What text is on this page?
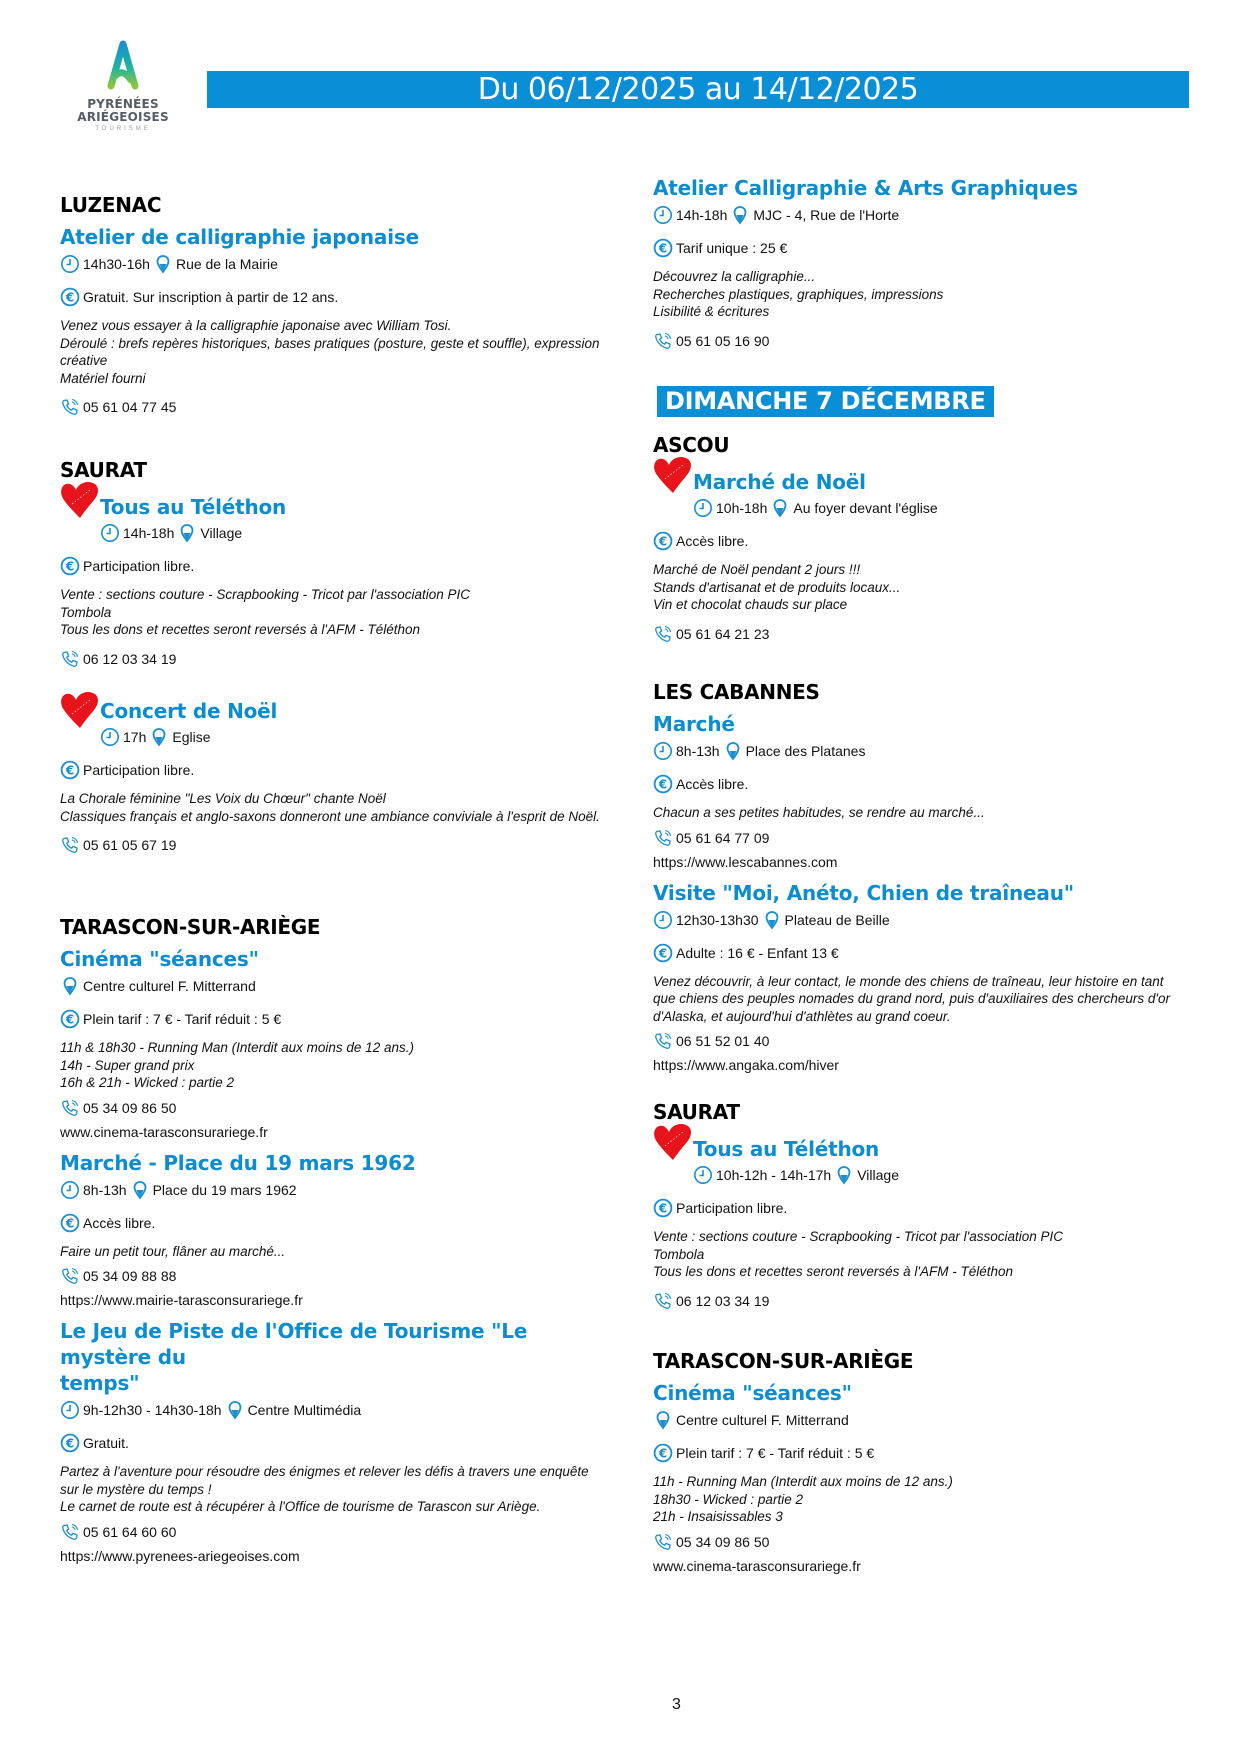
PYRÉNÉES
ARIÉGEOISES
TOURISME
Du 06/12/2025 au 14/12/2025
LUZENAC
Atelier de calligraphie japonaise
14h30-16h Rue de la Mairie
Gratuit. Sur inscription à partir de 12 ans.
Venez vous essayer à la calligraphie japonaise avec William Tosi.
Déroulé : brefs repères historiques, bases pratiques (posture, geste et souffle), expression créative
Matériel fourni
05 61 04 77 45
SAURAT
Tous au Téléthon
14h-18h Village
Participation libre.
Vente : sections couture - Scrapbooking - Tricot par l'association PIC
Tombola
Tous les dons et recettes seront reversés à l'AFM - Téléthon
06 12 03 34 19
Concert de Noël
17h Eglise
Participation libre.
La Chorale féminine "Les Voix du Chœur" chante Noël
Classiques français et anglo-saxons donneront une ambiance conviviale à l'esprit de Noël.
05 61 05 67 19
TARASCON-SUR-ARIÈGE
Cinéma "séances"
Centre culturel F. Mitterrand
Plein tarif : 7 € - Tarif réduit : 5 €
11h & 18h30 - Running Man (Interdit aux moins de 12 ans.)
14h - Super grand prix
16h & 21h - Wicked : partie 2
05 34 09 86 50
www.cinema-tarasconsurariege.fr
Marché - Place du 19 mars 1962
8h-13h Place du 19 mars 1962
Accès libre.
Faire un petit tour, flâner au marché...
05 34 09 88 88
https://www.mairie-tarasconsurariege.fr
Le Jeu de Piste de l'Office de Tourisme "Le mystère du
temps"
9h-12h30 - 14h30-18h Centre Multimédia
Gratuit.
Partez à l'aventure pour résoudre des énigmes et relever les défis à travers une enquête sur le mystère du temps !
Le carnet de route est à récupérer à l'Office de tourisme de Tarascon sur Ariège.
05 61 64 60 60
https://www.pyrenees-ariegeoises.com
Atelier Calligraphie & Arts Graphiques
14h-18h MJC - 4, Rue de l'Horte
Tarif unique : 25 €
Découvrez la calligraphie...
Recherches plastiques, graphiques, impressions
Lisibilité & écritures
05 61 05 16 90
DIMANCHE 7 DÉCEMBRE
ASCOU
Marché de Noël
10h-18h Au foyer devant l'église
Accès libre.
Marché de Noël pendant 2 jours !!!
Stands d'artisanat et de produits locaux...
Vin et chocolat chauds sur place
05 61 64 21 23
LES CABANNES
Marché
8h-13h Place des Platanes
Accès libre.
Chacun a ses petites habitudes, se rendre au marché...
05 61 64 77 09
https://www.lescabannes.com
Visite "Moi, Anéto, Chien de traîneau"
12h30-13h30 Plateau de Beille
Adulte : 16 € - Enfant 13 €
Venez découvrir, à leur contact, le monde des chiens de traîneau, leur histoire en tant que chiens des peuples nomades du grand nord, puis d'auxiliaires des chercheurs d'or d'Alaska, et aujourd'hui d'athlètes au grand coeur.
06 51 52 01 40
https://www.angaka.com/hiver
SAURAT
Tous au Téléthon
10h-12h - 14h-17h Village
Participation libre.
Vente : sections couture - Scrapbooking - Tricot par l'association PIC
Tombola
Tous les dons et recettes seront reversés à l'AFM - Téléthon
06 12 03 34 19
TARASCON-SUR-ARIÈGE
Cinéma "séances"
Centre culturel F. Mitterrand
Plein tarif : 7 € - Tarif réduit : 5 €
11h - Running Man (Interdit aux moins de 12 ans.)
18h30 - Wicked : partie 2
21h - Insaisissables 3
05 34 09 86 50
www.cinema-tarasconsurariege.fr
3
